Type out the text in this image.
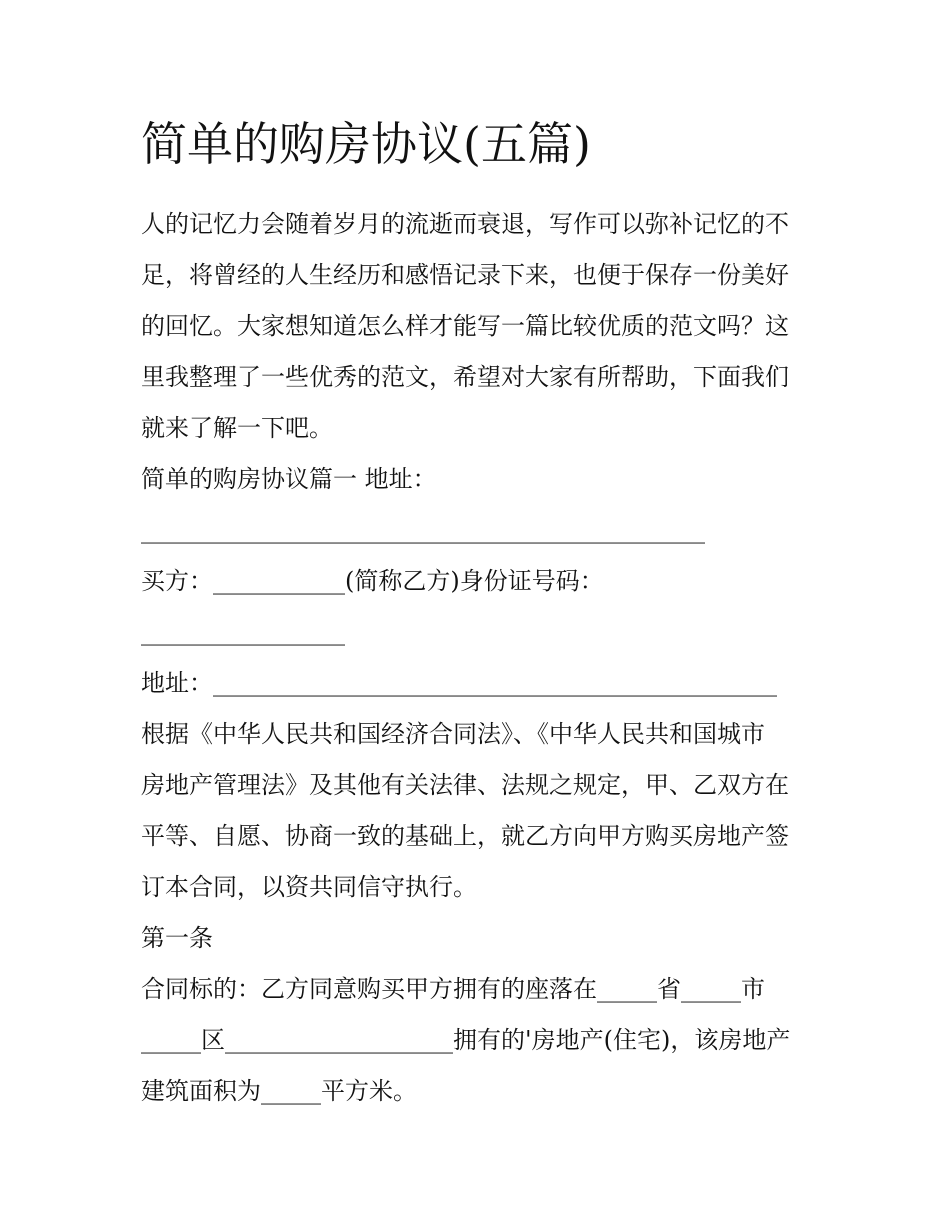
简单的购房协议(五篇)
人的记忆力会随着岁月的流逝而衰退，写作可以弥补记忆的不
足，将曾经的人生经历和感悟记录下来，也便于保存一份美好
的回忆。大家想知道怎么样才能写一篇比较优质的范文吗？这
里我整理了一些优秀的范文，希望对大家有所帮助，下面我们
就来了解一下吧。
简单的购房协议篇一 地址：
_______________________________________________
买方：___________(简称乙方)身份证号码：
_________________
地址：_______________________________________________
根据《中华人民共和国经济合同法》、《中华人民共和国城市
房地产管理法》及其他有关法律、法规之规定，甲、乙双方在
平等、自愿、协商一致的基础上，就乙方向甲方购买房地产签
订本合同，以资共同信守执行。
第一条
合同标的：乙方同意购买甲方拥有的座落在_____省_____市
_____区___________________拥有的'房地产(住宅)，该房地产
建筑面积为_____平方米。
